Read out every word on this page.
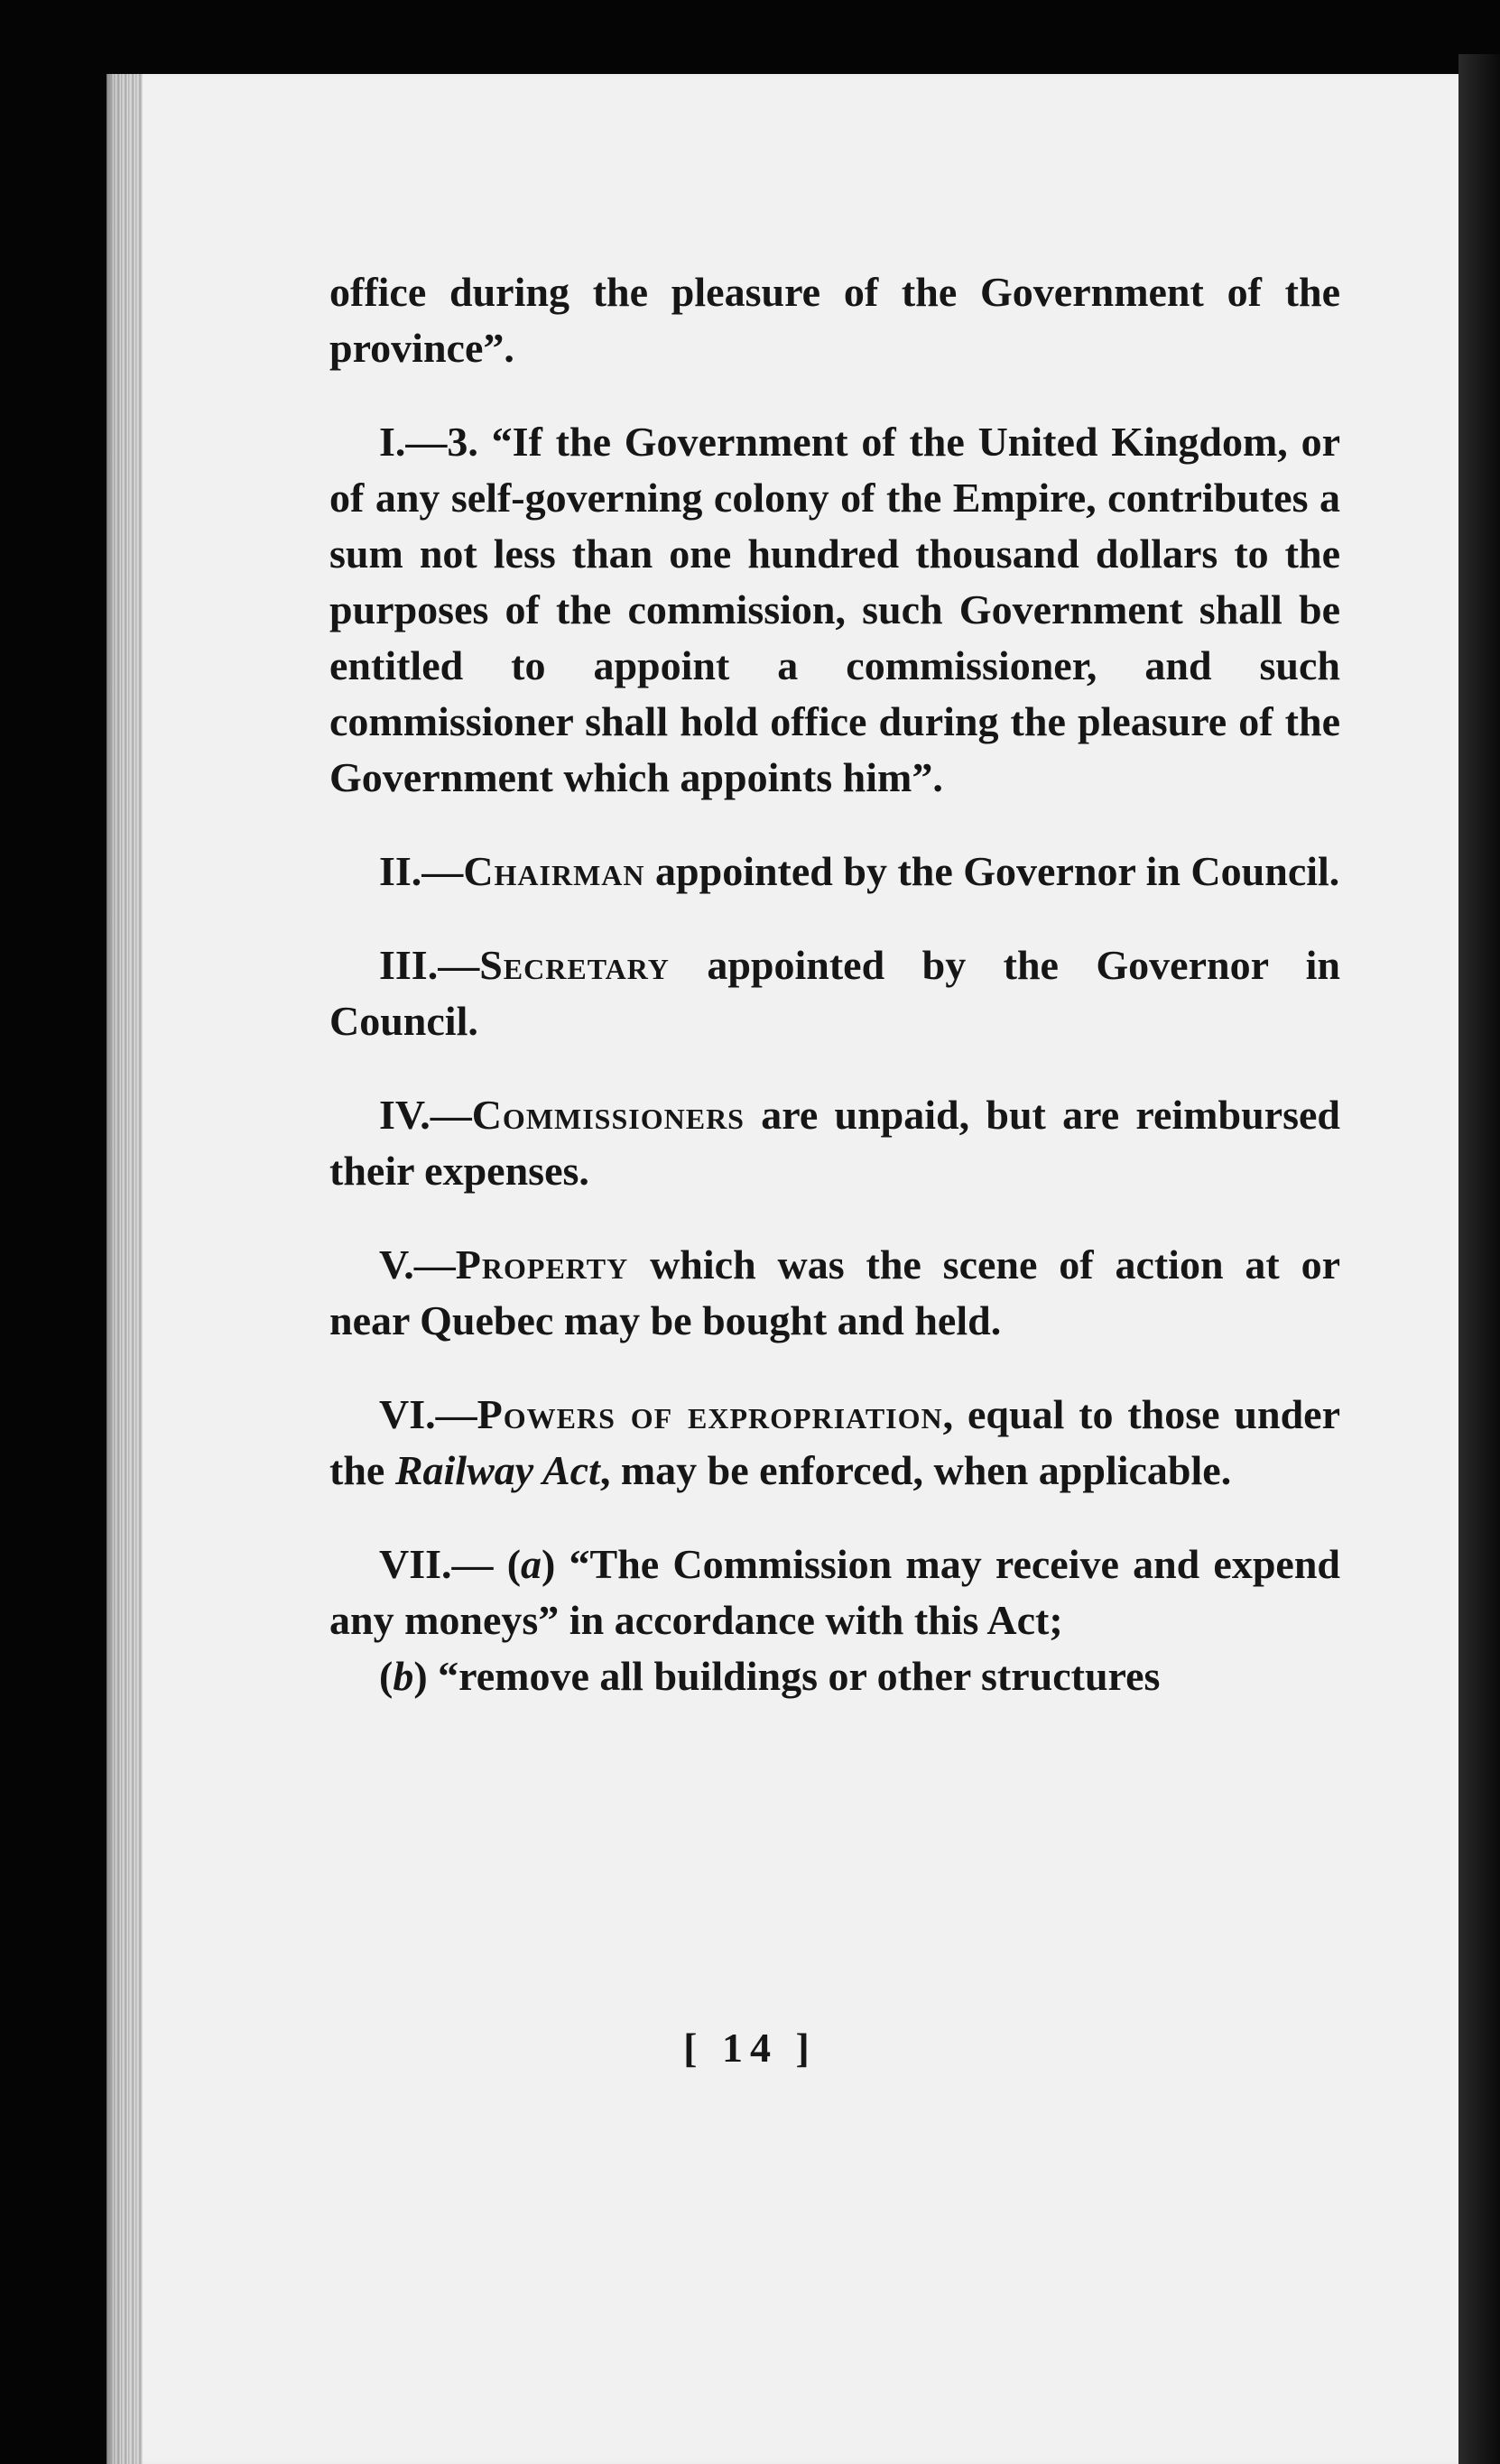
office during the pleasure of the Government of the province”.

I.—3. “If the Government of the United Kingdom, or of any self-governing colony of the Empire, contributes a sum not less than one hundred thousand dollars to the purposes of the commission, such Government shall be entitled to appoint a commissioner, and such commissioner shall hold office during the pleasure of the Government which appoints him”.

II.—Chairman appointed by the Governor in Council.

III.—Secretary appointed by the Governor in Council.

IV.—Commissioners are unpaid, but are reimbursed their expenses.

V.—Property which was the scene of action at or near Quebec may be bought and held.

VI.—Powers of expropriation, equal to those under the Railway Act, may be enforced, when applicable.

VII.— (a) “The Commission may receive and expend any moneys” in accordance with this Act;

(b) “remove all buildings or other structures

[ 14 ]
